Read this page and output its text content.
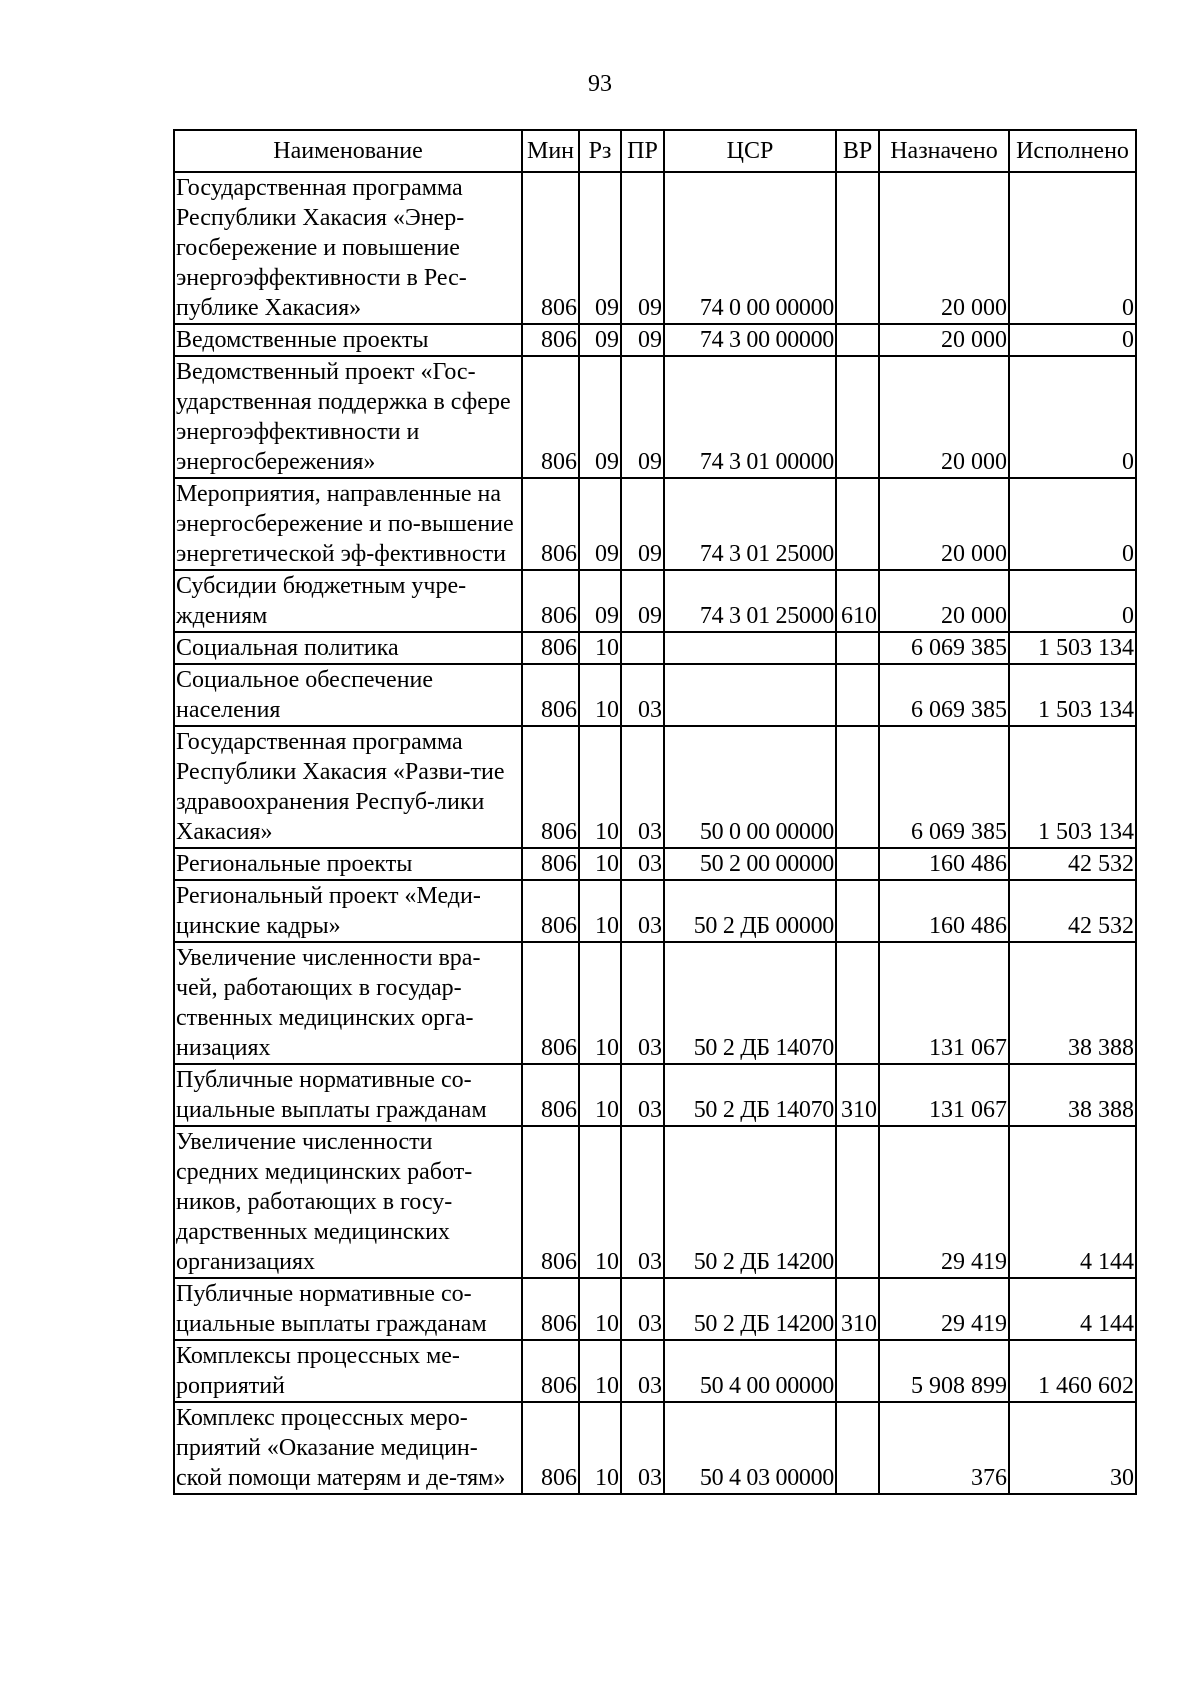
93
Наименование	Мин	Рз	ПР	ЦСР	ВР	Назначено	Исполнено
Государственная программа Республики Хакасия «Энер-госбережение и повышение энергоэффективности в Рес-публике Хакасия»	806	09	09	74 0 00 00000		20 000	0
Ведомственные проекты	806	09	09	74 3 00 00000		20 000	0
Ведомственный проект «Гос-ударственная поддержка в сфере энергоэффективности и энергосбережения»	806	09	09	74 3 01 00000		20 000	0
Мероприятия, направленные на энергосбережение и по-вышение энергетической эф-фективности	806	09	09	74 3 01 25000		20 000	0
Субсидии бюджетным учре-ждениям	806	09	09	74 3 01 25000	610	20 000	0
Социальная политика	806	10				6 069 385	1 503 134
Социальное обеспечение населения	806	10	03			6 069 385	1 503 134
Государственная программа Республики Хакасия «Разви-тие здравоохранения Респуб-лики Хакасия»	806	10	03	50 0 00 00000		6 069 385	1 503 134
Региональные проекты	806	10	03	50 2 00 00000		160 486	42 532
Региональный проект «Меди-цинские кадры»	806	10	03	50 2 ДБ 00000		160 486	42 532
Увеличение численности вра-чей, работающих в государ-ственных медицинских орга-низациях	806	10	03	50 2 ДБ 14070		131 067	38 388
Публичные нормативные со-циальные выплаты гражданам	806	10	03	50 2 ДБ 14070	310	131 067	38 388
Увеличение численности средних медицинских работ-ников, работающих в госу-дарственных медицинских организациях	806	10	03	50 2 ДБ 14200		29 419	4 144
Публичные нормативные со-циальные выплаты гражданам	806	10	03	50 2 ДБ 14200	310	29 419	4 144
Комплексы процессных ме-роприятий	806	10	03	50 4 00 00000		5 908 899	1 460 602
Комплекс процессных меро-приятий «Оказание медицин-ской помощи матерям и де-тям»	806	10	03	50 4 03 00000		376	30
